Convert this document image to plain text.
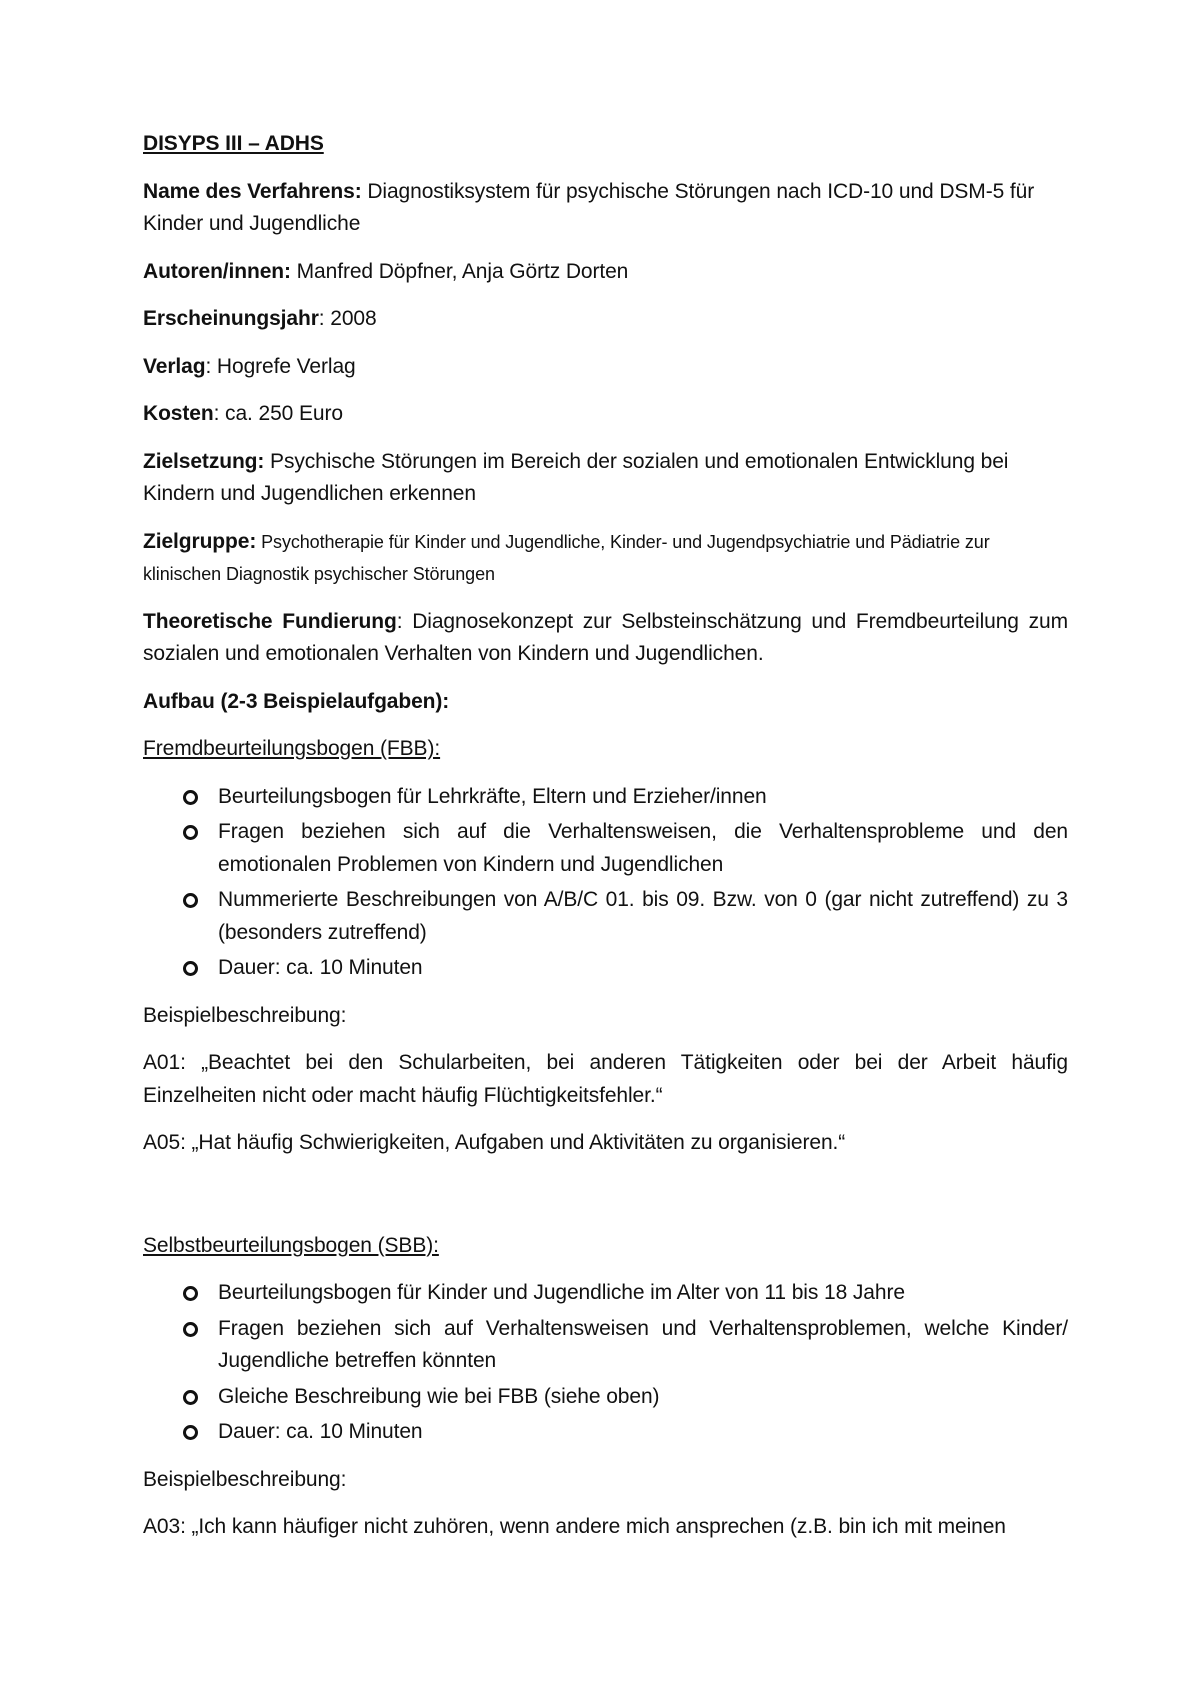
DISYPS III – ADHS
Name des Verfahrens: Diagnostiksystem für psychische Störungen nach ICD-10 und DSM-5 für Kinder und Jugendliche
Autoren/innen: Manfred Döpfner, Anja Görtz Dorten
Erscheinungsjahr: 2008
Verlag: Hogrefe Verlag
Kosten: ca. 250 Euro
Zielsetzung: Psychische Störungen im Bereich der sozialen und emotionalen Entwicklung bei Kindern und Jugendlichen erkennen
Zielgruppe: Psychotherapie für Kinder und Jugendliche, Kinder- und Jugendpsychiatrie und Pädiatrie zur klinischen Diagnostik psychischer Störungen
Theoretische Fundierung: Diagnosekonzept zur Selbsteinschätzung und Fremdbeurteilung zum sozialen und emotionalen Verhalten von Kindern und Jugendlichen.
Aufbau (2-3 Beispielaufgaben):
Fremdbeurteilungsbogen (FBB):
Beurteilungsbogen für Lehrkräfte, Eltern und Erzieher/innen
Fragen beziehen sich auf die Verhaltensweisen, die Verhaltensprobleme und den emotionalen Problemen von Kindern und Jugendlichen
Nummerierte Beschreibungen von A/B/C 01. bis 09. Bzw. von 0 (gar nicht zutreffend) zu 3 (besonders zutreffend)
Dauer: ca. 10 Minuten
Beispielbeschreibung:
A01: „Beachtet bei den Schularbeiten, bei anderen Tätigkeiten oder bei der Arbeit häufig Einzelheiten nicht oder macht häufig Flüchtigkeitsfehler.“
A05: „Hat häufig Schwierigkeiten, Aufgaben und Aktivitäten zu organisieren.“
Selbstbeurteilungsbogen (SBB):
Beurteilungsbogen für Kinder und Jugendliche im Alter von 11 bis 18 Jahre
Fragen beziehen sich auf Verhaltensweisen und Verhaltensproblemen, welche Kinder/ Jugendliche betreffen könnten
Gleiche Beschreibung wie bei FBB (siehe oben)
Dauer: ca. 10 Minuten
Beispielbeschreibung:
A03: „Ich kann häufiger nicht zuhören, wenn andere mich ansprechen (z.B. bin ich mit meinen
